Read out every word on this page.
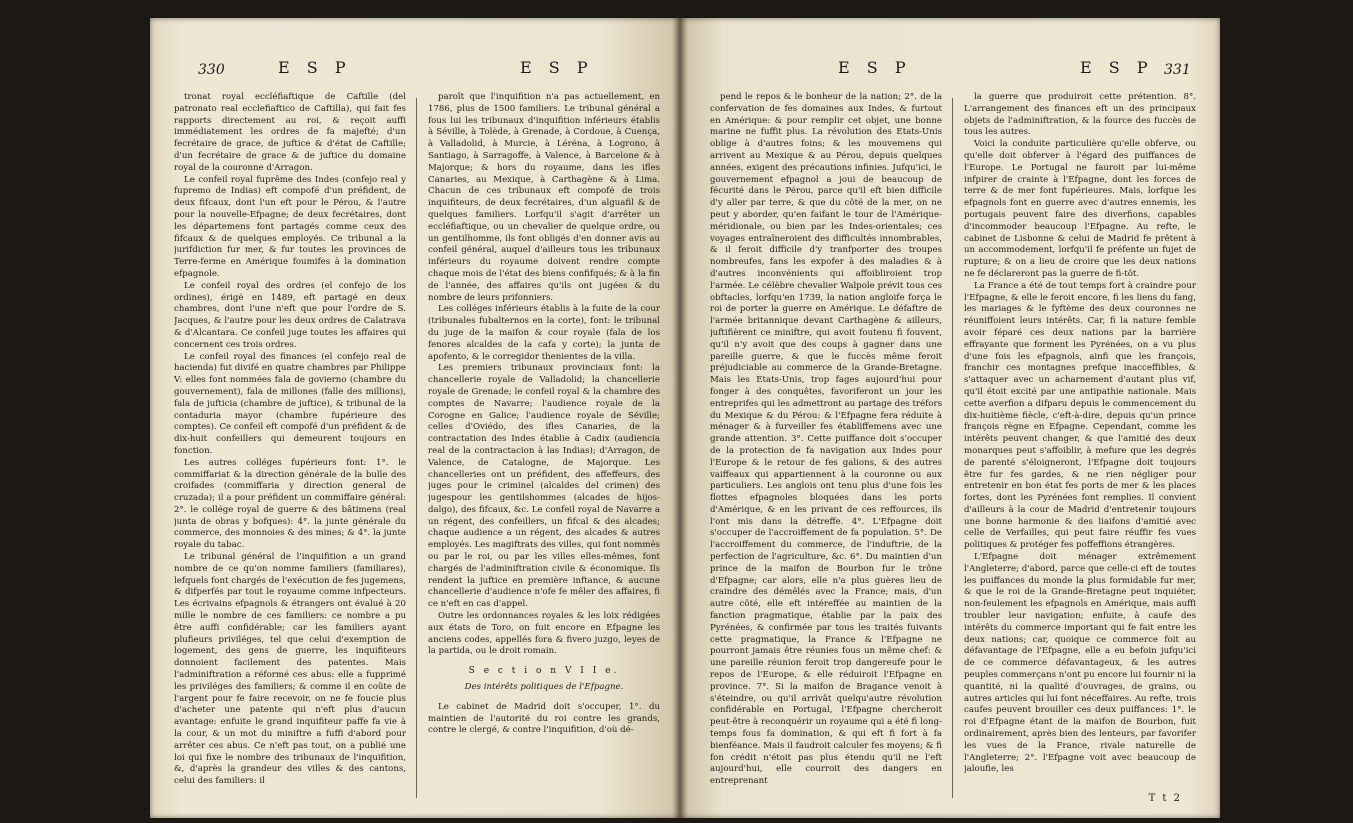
330	E S P	E S P

tronat royal eccléfiaftique de Caftille (del patronato real ecclefiaftico de Caftilla), qui fait fes rapports directement au roi, & reçoit auffi immédiatement les ordres de fa majefté; d'un fecrétaire de grace, de juftice & d'état de Caftille; d'un fecrétaire de grace & de juftice du domaine royal de la couronne d'Arragon.

Le confeil royal fuprême des Indes (confejo real y fupremo de Indias) eft compofé d'un préfident, de deux fifcaux, dont l'un eft pour le Pérou, & l'autre pour la nouvelle-Efpagne; de deux fecrétaires, dont les départemens font partagés comme ceux des fifcaux & de quelques employés. Ce tribunal a la jurifdiction fur mer, & fur toutes les provinces de Terre-ferme en Amérique foumifes à la domination efpagnole.

Le confeil royal des ordres (el confejo de los ordines), érigé en 1489, eft partagé en deux chambres, dont l'une n'eft que pour l'ordre de S. Jacques, & l'autre pour les deux ordres de Calatrava & d'Alcantara. Ce confeil juge toutes les affaires qui concernent ces trois ordres.

Le confeil royal des finances (el confejo real de hacienda) fut divifé en quatre chambres par Philippe V: elles font nommées fala de govierno (chambre du gouvernement), fala de millones (falle des millions), fala de jufticia (chambre de juftice), & tribunal de la contaduria mayor (chambre fupérieure des comptes). Ce confeil eft compofé d'un préfident & de dix-huit confeillers qui demeurent toujours en fonction.

Les autres colléges fupérieurs font: 1°. le commiffariat & la direction générale de la bulle des croifades (commiffaria y direction general de cruzada); il a pour préfident un commiffaire général: 2°. le collége royal de guerre & des bâtimens (real junta de obras y bofques): 4°. la junte générale du commerce, des monnoies & des mines; & 4°. la junte royale du tabac.

Le tribunal général de l'inquifition a un grand nombre de ce qu'on nomme familiers (familiares), lefquels font chargés de l'exécution de fes jugemens, & difperfés par tout le royaume comme infpecteurs. Les écrivains efpagnols & étrangers ont évalué à 20 mille le nombre de ces familiers: ce nombre a pu être auffi confidérable; car les familiers ayant plufieurs priviléges, tel que celui d'exemption de logement, des gens de guerre, les inquifiteurs donnoient facilement des patentes. Mais l'adminiftration a réformé ces abus: elle a fupprimé les priviléges des familiers; & comme il en coûte de l'argent pour fe faire recevoir, on ne fe foucie plus d'acheter une patente qui n'eft plus d'aucun avantage: enfuite le grand inquifiteur paffe fa vie à la cour, & un mot du miniftre a fuffi d'abord pour arrêter ces abus. Ce n'eft pas tout, on a publié une loi qui fixe le nombre des tribunaux de l'inquifition, &, d'après la grandeur des villes & des cantons, celui des familiers: il

paroît que l'inquifition n'a pas actuellement, en 1786, plus de 1500 familiers. Le tribunal général a fous lui les tribunaux d'inquifition inférieurs établis à Séville, à Tolède, à Grenade, à Cordoue, à Cuença, à Valladolid, à Murcie, à Léréna, à Logrono, à Santiago, à Sarragoffe, à Valence, à Barcelone & à Majorque; & hors du royaume, dans les ifles Canaries, au Mexique, à Carthagène & à Lima. Chacun de ces tribunaux eft compofé de trois inquifiteurs, de deux fecrétaires, d'un alguafil & de quelques familiers. Lorfqu'il s'agit d'arrêter un eccléfiaftique, ou un chevalier de quelque ordre, ou un gentilhomme, ils font obligés d'en donner avis au confeil général, auquel d'ailleurs tous les tribunaux inférieurs du royaume doivent rendre compte chaque mois de l'état des biens confifqués; & à la fin de l'année, des affaires qu'ils ont jugées & du nombre de leurs prifonniers.

Les colléges inférieurs établis à la fuite de la cour (tribunales fubalternos en la corte), font: le tribunal du juge de la maifon & cour royale (fala de los fenores alcaldes de la cafa y corte); la junta de apofento, & le corregidor thenientes de la villa.

Les premiers tribunaux provinciaux font: la chancellerie royale de Valladolid; la chancellerie royale de Grenade; le confeil royal & la chambre des comptes de Navarre; l'audience royale de la Corogne en Galice; l'audience royale de Séville; celles d'Oviédo, des ifles Canaries, de la contractation des Indes établie à Cadix (audiencia real de la contractacion à las Indias); d'Arragon, de Valence, de Catalogne, de Majorque. Les chancelleries ont un préfident, des affeffeurs, des juges pour le criminel (alcaldes del crimen) des jugespour les gentilshommes (alcades de hijos-dalgo), des fifcaux, &c. Le confeil royal de Navarre a un régent, des confeillers, un fifcal & des alcades; chaque audience a un régent, des alcades & autres employés. Les magiftrats des villes, qui font nommés ou par le roi, ou par les villes elles-mêmes, font chargés de l'adminiftration civile & économique. Ils rendent la juftice en première inftance, & aucune chancellerie d'audience n'ofe fe mêler des affaires, fi ce n'eft en cas d'appel.

Outre les ordonnances royales & les loix rédigées aux états de Toro, on fuit encore en Efpagne les anciens codes, appellés fora & fivero juzgo, leyes de la partida, ou le droit romain.

S e c t i o n V I I e.
Des intérêts politiques de l'Efpagne.

Le cabinet de Madrid doit s'occuper, 1°. du maintien de l'autorité du roi contre les grands, contre le clergé, & contre l'inquifition, d'où dé-

E S P	E S P 331

pend le repos & le bonheur de la nation; 2°. de la confervation de fes domaines aux Indes, & furtout en Amérique: & pour remplir cet objet, une bonne marine ne fuffit plus. La révolution des Etats-Unis oblige à d'autres foins; & les mouvemens qui arrivent au Mexique & au Pérou, depuis quelques années, exigent des précautions infinies. Jufqu'ici, le gouvernement efpagnol a joui de beaucoup de fécurité dans le Pérou, parce qu'il eft bien difficile d'y aller par terre, & que du côté de la mer, on ne peut y aborder, qu'en faifant le tour de l'Amérique-méridionale, ou bien par les Indes-orientales; ces voyages entraîneroient des difficultés innombrables, & il feroit difficile d'y tranfporter des troupes nombreufes, fans les expofer à des maladies & à d'autres inconvénients qui affoibliroient trop l'armée. Le célèbre chevalier Walpole prévit tous ces obftacles, lorfqu'en 1739, la nation angloife força le roi de porter la guerre en Amérique. Le défaftre de l'armée britannique devant Carthagène & ailleurs, juftifièrent ce miniftre, qui avoit foutenu fi fouvent, qu'il n'y avoit que des coups à gagner dans une pareille guerre, & que le fuccès même feroit préjudiciable au commerce de la Grande-Bretagne. Mais les Etats-Unis, trop fages aujourd'hui pour fonger à des conquêtes, favoriferont un jour les entreprifes qui les admettront au partage des tréfors du Mexique & du Pérou: & l'Efpagne fera réduite à ménager & à furveiller fes établiffemens avec une grande attention. 3°. Cette puiffance doit s'occuper de la protection de fa navigation aux Indes pour l'Europe & le retour de fes galions, & des autres vaiffeaux qui appartiennent à la couronne ou aux particuliers. Les anglois ont tenu plus d'une fois les flottes efpagnoles bloquées dans les ports d'Amérique, & en les privant de ces reffources, ils l'ont mis dans la détreffe. 4°. L'Efpagne doit s'occuper de l'accroiffement de fa population. 5°. De l'accroiffement du commerce, de l'induftrie, de la perfection de l'agriculture, &c. 6°. Du maintien d'un prince de la maifon de Bourbon fur le trône d'Efpagne; car alors, elle n'a plus guères lieu de craindre des démêlés avec la France; mais, d'un autre côté, elle eft intéreffée au maintien de la fanction pragmatique, établie par la paix des Pyrénées, & confirmée par tous les traités fuivants cette pragmatique, la France & l'Efpagne ne pourront jamais être réunies fous un même chef: & une pareille réunion feroit trop dangereufe pour le repos de l'Europe, & elle réduiroit l'Efpagne en province. 7°. Si la maifon de Bragance venoit à s'éteindre, ou qu'il arrivât quelqu'autre révolution confidérable en Portugal, l'Efpagne chercheroit peut-être à reconquérir un royaume qui a été fi long-temps fous fa domination, & qui eft fi fort à fa bienféance. Mais il faudroit calculer fes moyens; & fi fon crédit n'étoit pas plus étendu qu'il ne l'eft aujourd'hui, elle courroit des dangers en entreprenant

la guerre que produiroit cette prétention. 8°. L'arrangement des finances eft un des principaux objets de l'adminiftration, & la fource des fuccès de tous les autres.

Voici la conduite particulière qu'elle obferve, ou qu'elle doit obferver à l'égard des puiffances de l'Europe. Le Portugal ne fauroit par lui-même infpirer de crainte à l'Efpagne, dont les forces de terre & de mer font fupérieures. Mais, lorfque les efpagnols font en guerre avec d'autres ennemis, les portugais peuvent faire des diverfions, capables d'incommoder beaucoup l'Efpagne. Au refte, le cabinet de Lisbonne & celui de Madrid fe prêtent à un accommodement, lorfqu'il fe préfente un fujet de rupture; & on a lieu de croire que les deux nations ne fe déclareront pas la guerre de fi-tôt.

La France a été de tout temps fort à craindre pour l'Efpagne, & elle le feroit encore, fi les liens du fang, les mariages & le fyftème des deux couronnes ne réuniffoient leurs intérêts. Car, fi la nature femble avoir féparé ces deux nations par la barrière effrayante que forment les Pyrénées, on a vu plus d'une fois les efpagnols, ainfi que les françois, franchir ces montagnes prefque inacceffibles, & s'attaquer avec un acharnement d'autant plus vif, qu'il étoit excité par une antipathie nationale. Mais cette averfion a difparu depuis le commencement du dix-huitième fiècle, c'eft-à-dire, depuis qu'un prince françois règne en Efpagne. Cependant, comme les intérêts peuvent changer, & que l'amitié des deux monarques peut s'affoiblir, à mefure que les degrés de parenté s'éloigneront, l'Efpagne doit toujours être fur fes gardes, & ne rien négliger pour entretenir en bon état fes ports de mer & les places fortes, dont les Pyrénées font remplies. Il convient d'ailleurs à la cour de Madrid d'entretenir toujours une bonne harmonie & des liaifons d'amitié avec celle de Verfailles, qui peut faire réuffir fes vues politiques & protéger fes poffeffions étrangères.

L'Efpagne doit ménager extrêmement l'Angleterre; d'abord, parce que celle-ci eft de toutes les puiffances du monde la plus formidable fur mer, & que le roi de la Grande-Bretagne peut inquiéter, non-feulement les efpagnols en Amérique, mais auffi troubler leur navigation; enfuite, à caufe des intérêts du commerce important qui fe fait entre les deux nations; car, quoique ce commerce foit au défavantage de l'Efpagne, elle a eu befoin jufqu'ici de ce commerce défavantageux, & les autres peuples commerçans n'ont pu encore lui fournir ni la quantité, ni la qualité d'ouvrages, de grains, ou autres articles qui lui font néceffaires. Au refte, trois caufes peuvent brouiller ces deux puiffances: 1°. le roi d'Efpagne étant de la maifon de Bourbon, fuit ordinairement, après bien des lenteurs, par favorifer les vues de la France, rivale naturelle de l'Angleterre; 2°. l'Efpagne voit avec beaucoup de jaloufie, les

T t 2
